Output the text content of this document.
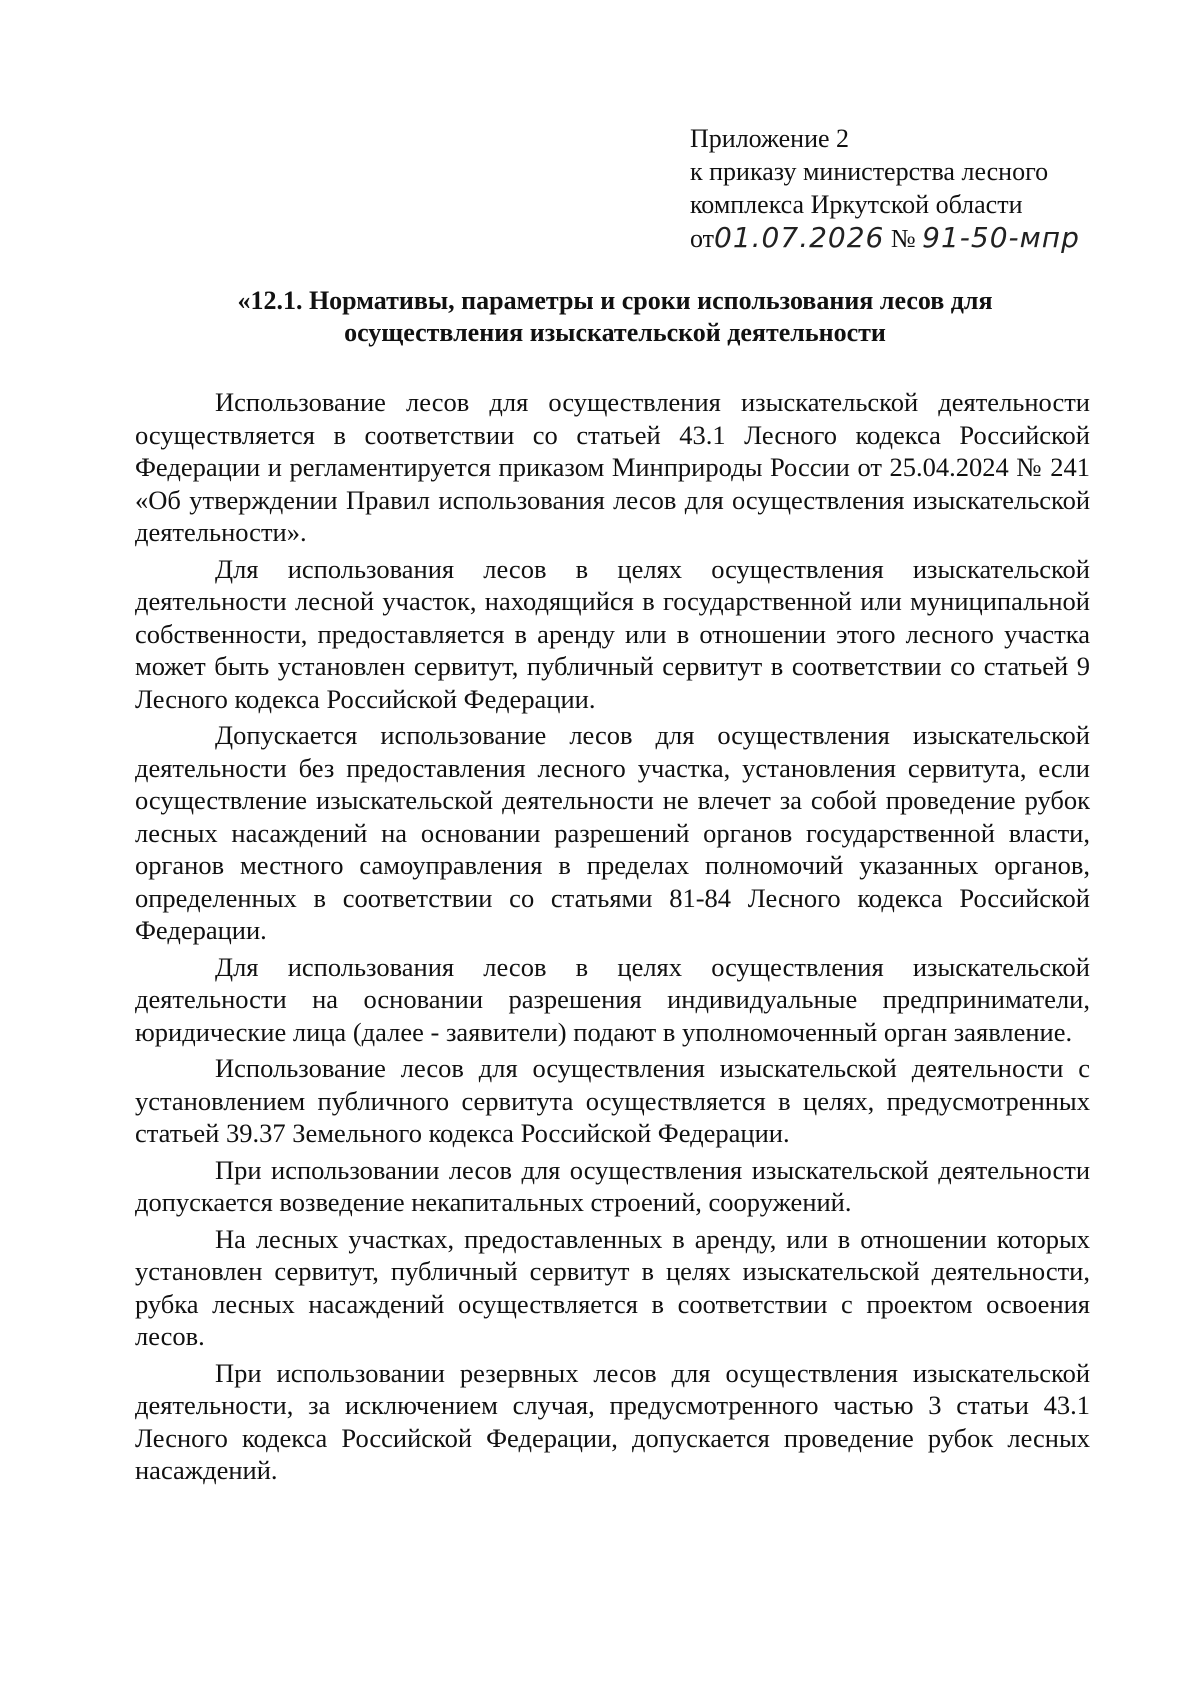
Приложение 2
к приказу министерства лесного
комплекса Иркутской области
от01.07.2026 № 91-50-мпр
«12.1. Нормативы, параметры и сроки использования лесов для
осуществления изыскательской деятельности

Использование лесов для осуществления изыскательской деятельности осуществляется в соответствии со статьей 43.1 Лесного кодекса Российской Федерации и регламентируется приказом Минприроды России от 25.04.2024 № 241 «Об утверждении Правил использования лесов для осуществления изыскательской деятельности».

Для использования лесов в целях осуществления изыскательской деятельности лесной участок, находящийся в государственной или муниципальной собственности, предоставляется в аренду или в отношении этого лесного участка может быть установлен сервитут, публичный сервитут в соответствии со статьей 9 Лесного кодекса Российской Федерации.

Допускается использование лесов для осуществления изыскательской деятельности без предоставления лесного участка, установления сервитута, если осуществление изыскательской деятельности не влечет за собой проведение рубок лесных насаждений на основании разрешений органов государственной власти, органов местного самоуправления в пределах полномочий указанных органов, определенных в соответствии со статьями 81-84 Лесного кодекса Российской Федерации.

Для использования лесов в целях осуществления изыскательской деятельности на основании разрешения индивидуальные предприниматели, юридические лица (далее - заявители) подают в уполномоченный орган заявление.

Использование лесов для осуществления изыскательской деятельности с установлением публичного сервитута осуществляется в целях, предусмотренных статьей 39.37 Земельного кодекса Российской Федерации.

При использовании лесов для осуществления изыскательской деятельности допускается возведение некапитальных строений, сооружений.

На лесных участках, предоставленных в аренду, или в отношении которых установлен сервитут, публичный сервитут в целях изыскательской деятельности, рубка лесных насаждений осуществляется в соответствии с проектом освоения лесов.

При использовании резервных лесов для осуществления изыскательской деятельности, за исключением случая, предусмотренного частью 3 статьи 43.1 Лесного кодекса Российской Федерации, допускается проведение рубок лесных насаждений.
